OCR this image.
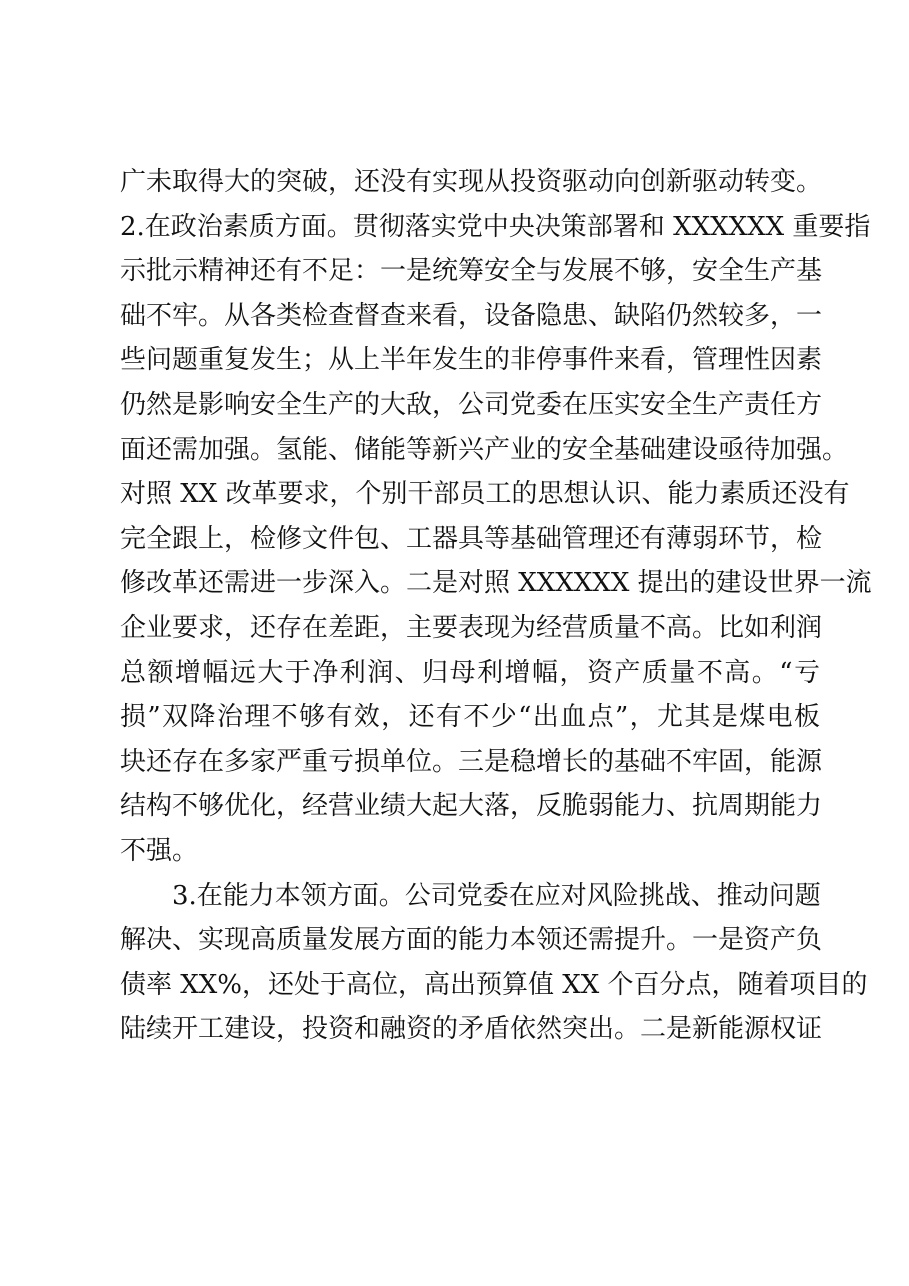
广未取得大的突破，还没有实现从投资驱动向创新驱动转变。
2.在政治素质方面。贯彻落实党中央决策部署和 XXXXXX 重要指
示批示精神还有不足：一是统筹安全与发展不够，安全生产基
础不牢。从各类检查督查来看，设备隐患、缺陷仍然较多，一
些问题重复发生；从上半年发生的非停事件来看，管理性因素
仍然是影响安全生产的大敌，公司党委在压实安全生产责任方
面还需加强。氢能、储能等新兴产业的安全基础建设亟待加强。
对照 XX 改革要求，个别干部员工的思想认识、能力素质还没有
完全跟上，检修文件包、工器具等基础管理还有薄弱环节，检
修改革还需进一步深入。二是对照 XXXXXX 提出的建设世界一流
企业要求，还存在差距，主要表现为经营质量不高。比如利润
总额增幅远大于净利润、归母利增幅，资产质量不高。“亏
损”双降治理不够有效，还有不少“出血点”，尤其是煤电板
块还存在多家严重亏损单位。三是稳增长的基础不牢固，能源
结构不够优化，经营业绩大起大落，反脆弱能力、抗周期能力
不强。
3.在能力本领方面。公司党委在应对风险挑战、推动问题
解决、实现高质量发展方面的能力本领还需提升。一是资产负
债率 XX%，还处于高位，高出预算值 XX 个百分点，随着项目的
陆续开工建设，投资和融资的矛盾依然突出。二是新能源权证
